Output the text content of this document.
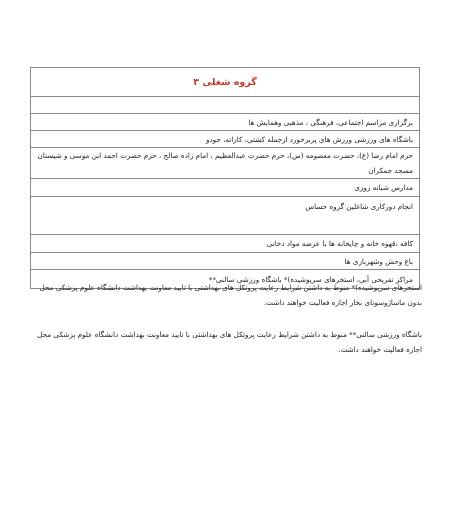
گروه شغلی ۳

برگزاری مراسم اجتماعی، فرهنگی ، مذهبی وهمایش ها
باشگاه های ورزشی ورزش های پربرخورد ازجمله کشتی، کاراته، جودو
حرم امام رضا (ع)، حضرت معصومه (س)، حرم حضرت عبدالعظیم ، امام زاده صالح ، حرم حضرت احمد ابن موسی و شیستان مسجد جمکران
مدارس شبانه روزی
انجام دورکاری شاغلین گروه حساس
کافه ،قهوه خانه و چایخانه ها با عرضه مواد دخانی
باغ وحش وشهربازی ها
مراکز تفریحی آبی، استخرهای سرپوشیده)* باشگاه ورزشی سالنی**
استخرهای سرپوشیده)* منوط به داشتن شرایط رعایت پروتکل های بهداشتی با تایید معاونت بهداشت دانشگاه علوم پزشکی محل بدون ماساژوسونای بخار اجازه فعالیت خواهند داشت.
باشگاه ورزشی سالنی** منوط به داشتن شرایط رعایت پروتکل های بهداشتی با تایید معاونت بهداشت دانشگاه علوم پزشکی محل اجازه فعالیت خواهند داشت.
